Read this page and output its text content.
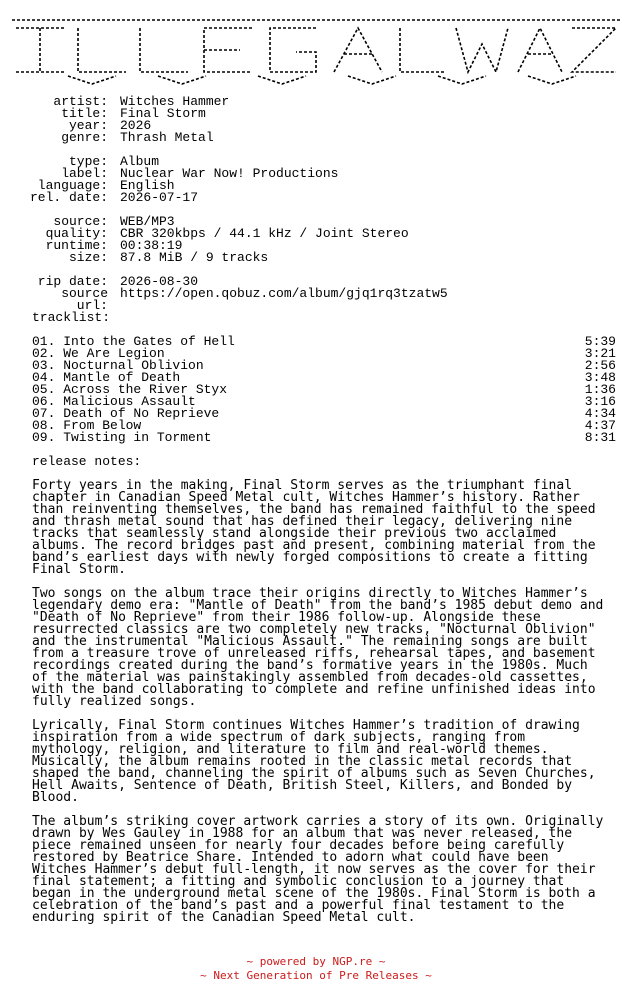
artist: Witches Hammer
title: Final Storm
year: 2026
genre: Thrash Metal
type: Album
label: Nuclear War Now! Productions
language: English
rel. date: 2026-07-17
source: WEB/MP3
quality: CBR 320kbps / 44.1 kHz / Joint Stereo
runtime: 00:38:19
size: 87.8 MiB / 9 tracks
rip date: 2026-08-30
source url:
https://open.qobuz.com/album/gjq1rq3tzatw5
tracklist:
01. Into the Gates of Hell	5:39
02. We Are Legion	3:21
03. Nocturnal Oblivion	2:56
04. Mantle of Death	3:48
05. Across the River Styx	1:36
06. Malicious Assault	3:16
07. Death of No Reprieve	4:34
08. From Below	4:37
09. Twisting in Torment	8:31
release notes:
Forty years in the making, Final Storm serves as the triumphant final
chapter in Canadian Speed Metal cult, Witches Hammer’s history. Rather
than reinventing themselves, the band has remained faithful to the speed
and thrash metal sound that has defined their legacy, delivering nine
tracks that seamlessly stand alongside their previous two acclaimed
albums. The record bridges past and present, combining material from the
band’s earliest days with newly forged compositions to create a fitting
Final Storm.
Two songs on the album trace their origins directly to Witches Hammer’s
legendary demo era: "Mantle of Death" from the band’s 1985 debut demo and
"Death of No Reprieve" from their 1986 follow-up. Alongside these
resurrected classics are two completely new tracks, "Nocturnal Oblivion"
and the instrumental "Malicious Assault." The remaining songs are built
from a treasure trove of unreleased riffs, rehearsal tapes, and basement
recordings created during the band’s formative years in the 1980s. Much
of the material was painstakingly assembled from decades-old cassettes,
with the band collaborating to complete and refine unfinished ideas into
fully realized songs.
Lyrically, Final Storm continues Witches Hammer’s tradition of drawing
inspiration from a wide spectrum of dark subjects, ranging from
mythology, religion, and literature to film and real-world themes.
Musically, the album remains rooted in the classic metal records that
shaped the band, channeling the spirit of albums such as Seven Churches,
Hell Awaits, Sentence of Death, British Steel, Killers, and Bonded by
Blood.
The album’s striking cover artwork carries a story of its own. Originally
drawn by Wes Gauley in 1988 for an album that was never released, the
piece remained unseen for nearly four decades before being carefully
restored by Beatrice Share. Intended to adorn what could have been
Witches Hammer’s debut full-length, it now serves as the cover for their
final statement; a fitting and symbolic conclusion to a journey that
began in the underground metal scene of the 1980s. Final Storm is both a
celebration of the band’s past and a powerful final testament to the
enduring spirit of the Canadian Speed Metal cult.
~ powered by NGP.re ~
~ Next Generation of Pre Releases ~
